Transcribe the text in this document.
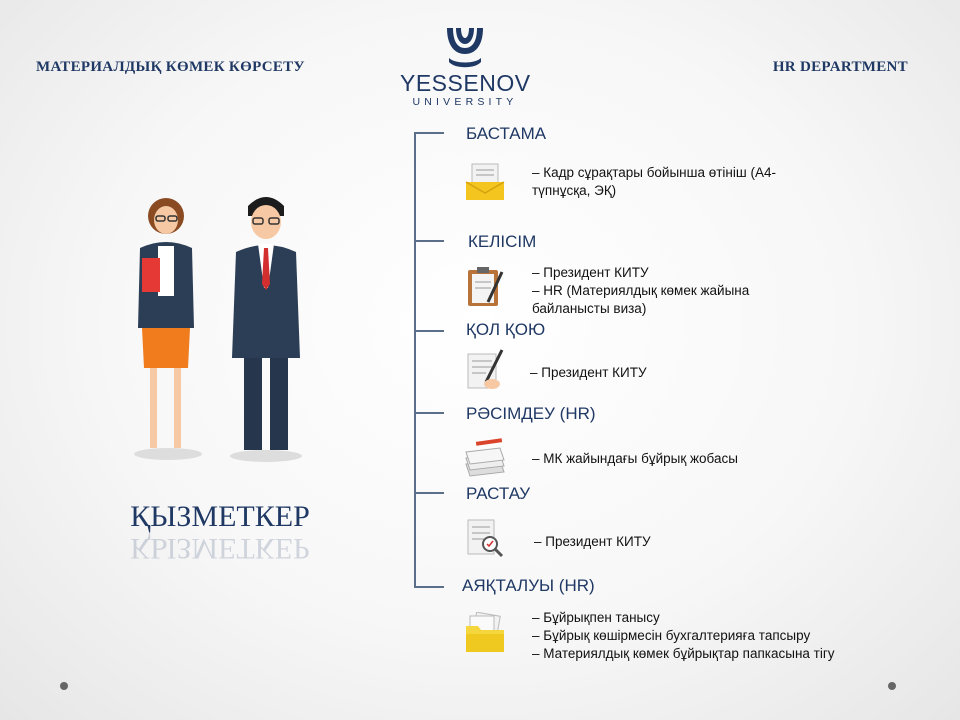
МАТЕРИАЛДЫҚ КӨМЕК КӨРСЕТУ	HR DEPARTMENT
YESSENOV
UNIVERSITY
ҚЫЗМЕТКЕР
ҚЫЗМЕТКЕР
БАСТАМА
– Кадр сұрақтары бойынша өтініш (А4-
түпнұсқа, ЭҚ)
КЕЛІСІМ
– Президент КИТУ
– HR (Материялдық көмек жайына
байланысты виза)
ҚОЛ ҚОЮ
– Президент КИТУ
РӘСІМДЕУ (HR)
– МК жайындағы бұйрық жобасы
РАСТАУ
– Президент КИТУ
АЯҚТАЛУЫ (HR)
– Бұйрықпен танысу
– Бұйрық көшірмесін бухгалтерияға тапсыру
– Материялдық көмек бұйрықтар папкасына тігу
